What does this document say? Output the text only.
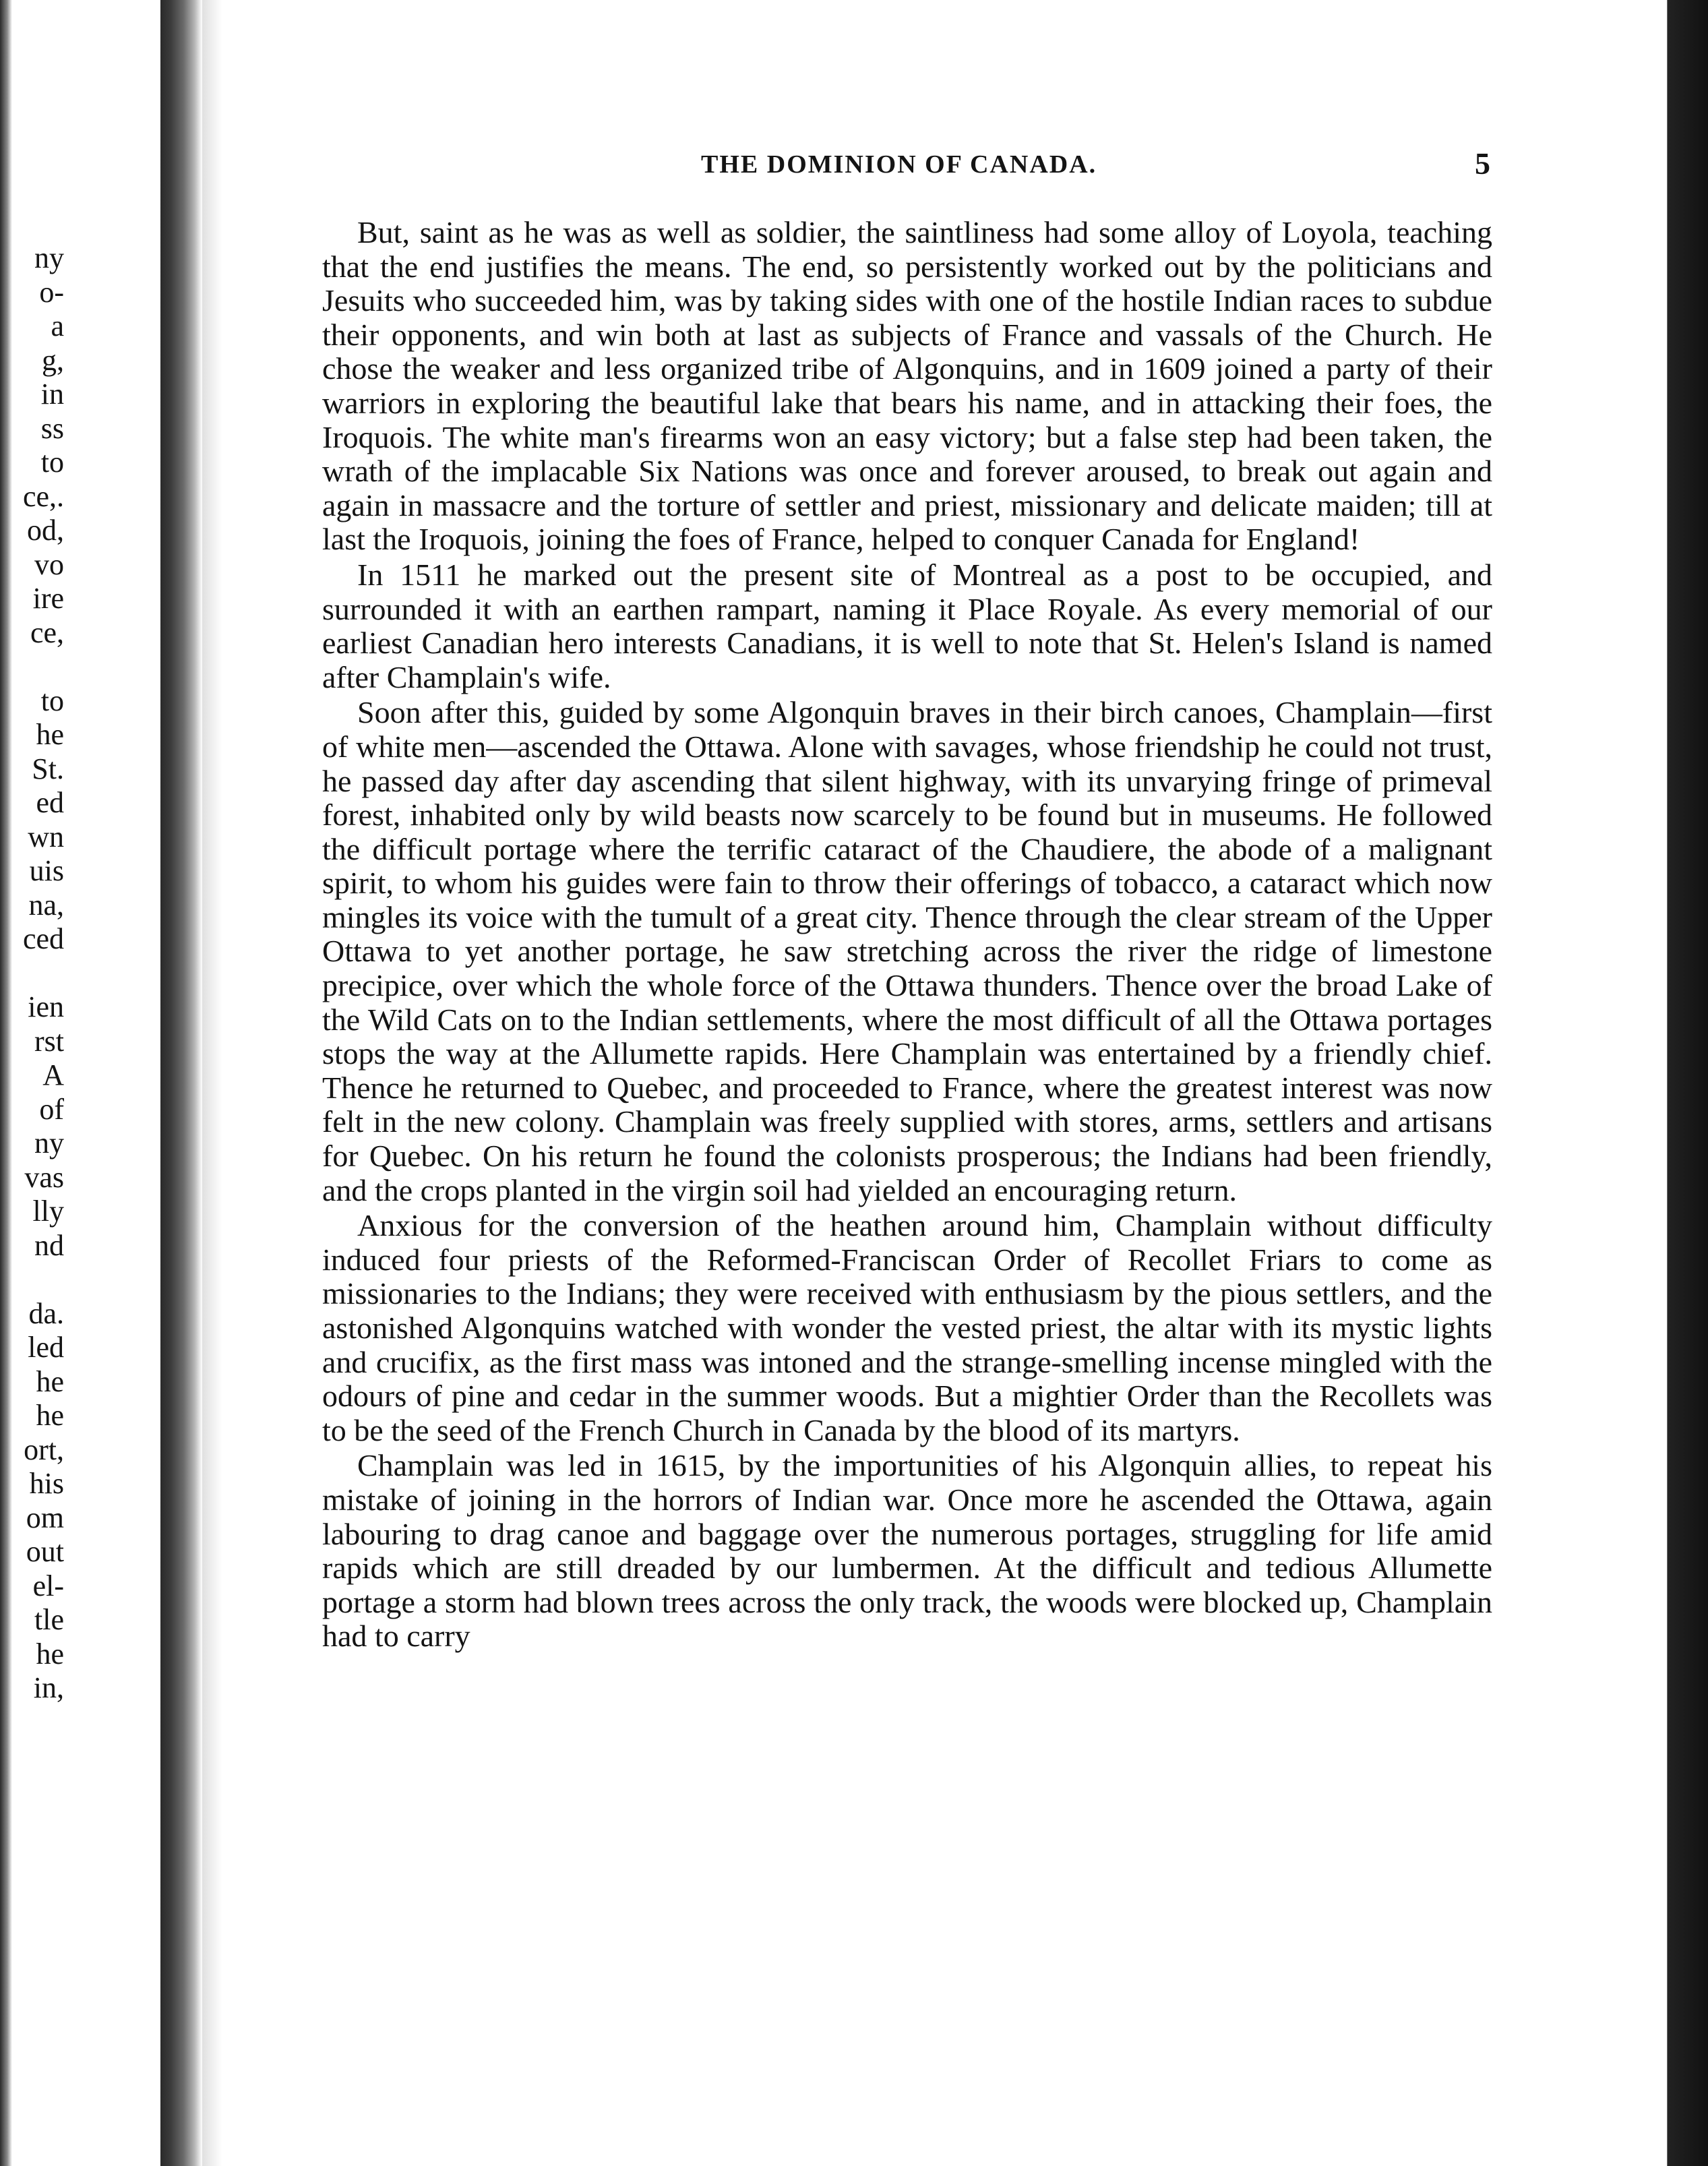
ny
o-
a
g,
in
ss
to
ce,.
od,
vo
ire
ce,
to
he
St.
ed
wn
uis
na,
ced
ien
rst
A
of
ny
vas
lly
nd
da.
led
he
he
ort,
his
om
out
el-
tle
he
in,
THE DOMINION OF CANADA.	5

But, saint as he was as well as soldier, the saintliness had some alloy of Loyola, teaching that the end justifies the means. The end, so persistently worked out by the politicians and Jesuits who succeeded him, was by taking sides with one of the hostile Indian races to subdue their opponents, and win both at last as subjects of France and vassals of the Church. He chose the weaker and less organized tribe of Algonquins, and in 1609 joined a party of their warriors in exploring the beautiful lake that bears his name, and in attacking their foes, the Iroquois. The white man's firearms won an easy victory; but a false step had been taken, the wrath of the implacable Six Nations was once and forever aroused, to break out again and again in massacre and the torture of settler and priest, missionary and delicate maiden; till at last the Iroquois, joining the foes of France, helped to conquer Canada for England!

In 1511 he marked out the present site of Montreal as a post to be occupied, and surrounded it with an earthen rampart, naming it Place Royale. As every memorial of our earliest Canadian hero interests Canadians, it is well to note that St. Helen's Island is named after Champlain's wife.

Soon after this, guided by some Algonquin braves in their birch canoes, Champlain—first of white men—ascended the Ottawa. Alone with savages, whose friendship he could not trust, he passed day after day ascending that silent highway, with its unvarying fringe of primeval forest, inhabited only by wild beasts now scarcely to be found but in museums. He followed the difficult portage where the terrific cataract of the Chaudiere, the abode of a malignant spirit, to whom his guides were fain to throw their offerings of tobacco, a cataract which now mingles its voice with the tumult of a great city. Thence through the clear stream of the Upper Ottawa to yet another portage, he saw stretching across the river the ridge of limestone precipice, over which the whole force of the Ottawa thunders. Thence over the broad Lake of the Wild Cats on to the Indian settlements, where the most difficult of all the Ottawa portages stops the way at the Allumette rapids. Here Champlain was entertained by a friendly chief. Thence he returned to Quebec, and proceeded to France, where the greatest interest was now felt in the new colony. Champlain was freely supplied with stores, arms, settlers and artisans for Quebec. On his return he found the colonists prosperous; the Indians had been friendly, and the crops planted in the virgin soil had yielded an encouraging return.

Anxious for the conversion of the heathen around him, Champlain without difficulty induced four priests of the Reformed-Franciscan Order of Recollet Friars to come as missionaries to the Indians; they were received with enthusiasm by the pious settlers, and the astonished Algonquins watched with wonder the vested priest, the altar with its mystic lights and crucifix, as the first mass was intoned and the strange-smelling incense mingled with the odours of pine and cedar in the summer woods. But a mightier Order than the Recollets was to be the seed of the French Church in Canada by the blood of its martyrs.

Champlain was led in 1615, by the importunities of his Algonquin allies, to repeat his mistake of joining in the horrors of Indian war. Once more he ascended the Ottawa, again labouring to drag canoe and baggage over the numerous portages, struggling for life amid rapids which are still dreaded by our lumbermen. At the difficult and tedious Allumette portage a storm had blown trees across the only track, the woods were blocked up, Champlain had to carry
